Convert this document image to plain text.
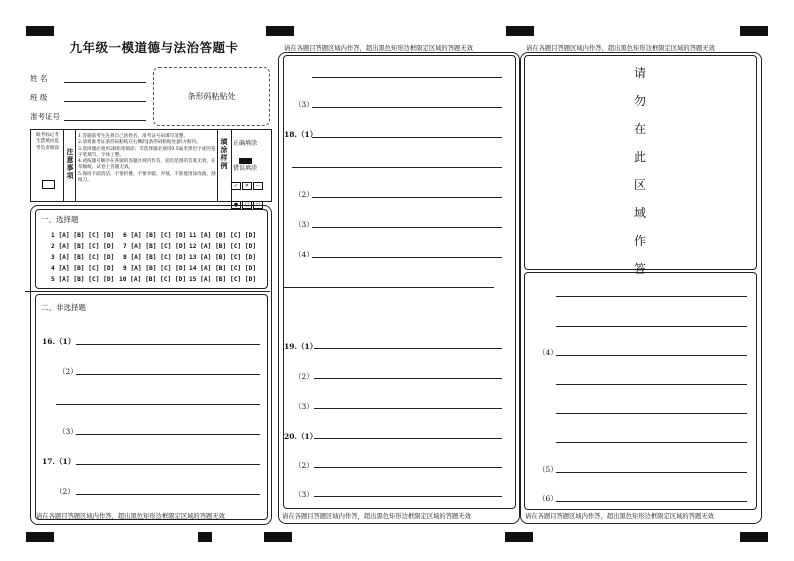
九年级一模道德与法治答题卡
姓 名
班 级
准考证号
条形码粘贴处
缺考标记考生禁填由监考负责填涂 注意事项
1.答题前考生先将自己的姓名、准考证号码填写清楚。
2.请将准考证条形码粘贴在右侧的[条形码粘贴处]的方框内。
3.选择题必须用2B铅笔填涂；非选择题必须用0.5毫米黑色字迹的签字笔填写，字体工整。
4.请按题号顺序在各题的答题区域内作答，超出范围的答案无效，在草稿纸、试卷上答题无效。
5.保持卡面清洁，不要折叠、不要弄破、弄皱，不准使用涂改液、刮纸刀。
填涂样例 正确填涂
错误填涂
✓ ✕ —
● □ ▭
一、选择题
1 [A] [B] [C] [D]
2 [A] [B] [C] [D]
3 [A] [B] [C] [D]
4 [A] [B] [C] [D]
5 [A] [B] [C] [D]
6 [A] [B] [C] [D]
7 [A] [B] [C] [D]
8 [A] [B] [C] [D]
9 [A] [B] [C] [D]
10 [A] [B] [C] [D]
11 [A] [B] [C] [D]
12 [A] [B] [C] [D]
13 [A] [B] [C] [D]
14 [A] [B] [C] [D]
15 [A] [B] [C] [D]
二、非选择题
16.（1）
（2）
（3）
17.（1）
（2）
请在各题目答题区域内作答，超出黑色矩形边框限定区域的答题无效
请在各题目答题区域内作答，超出黑色矩形边框限定区域的答题无效
（3）
18.（1）
（2）
（3）
（4）
19.（1）
（2）
（3）
20.（1）
（2）
（3）
请在各题目答题区域内作答，超出黑色矩形边框限定区域的答题无效
请在各题目答题区域内作答，超出黑色矩形边框限定区域的答题无效
请
勿
在
此
区
域
作
答
（4）
（5）
（6）
请在各题目答题区域内作答，超出黑色矩形边框限定区域的答题无效
